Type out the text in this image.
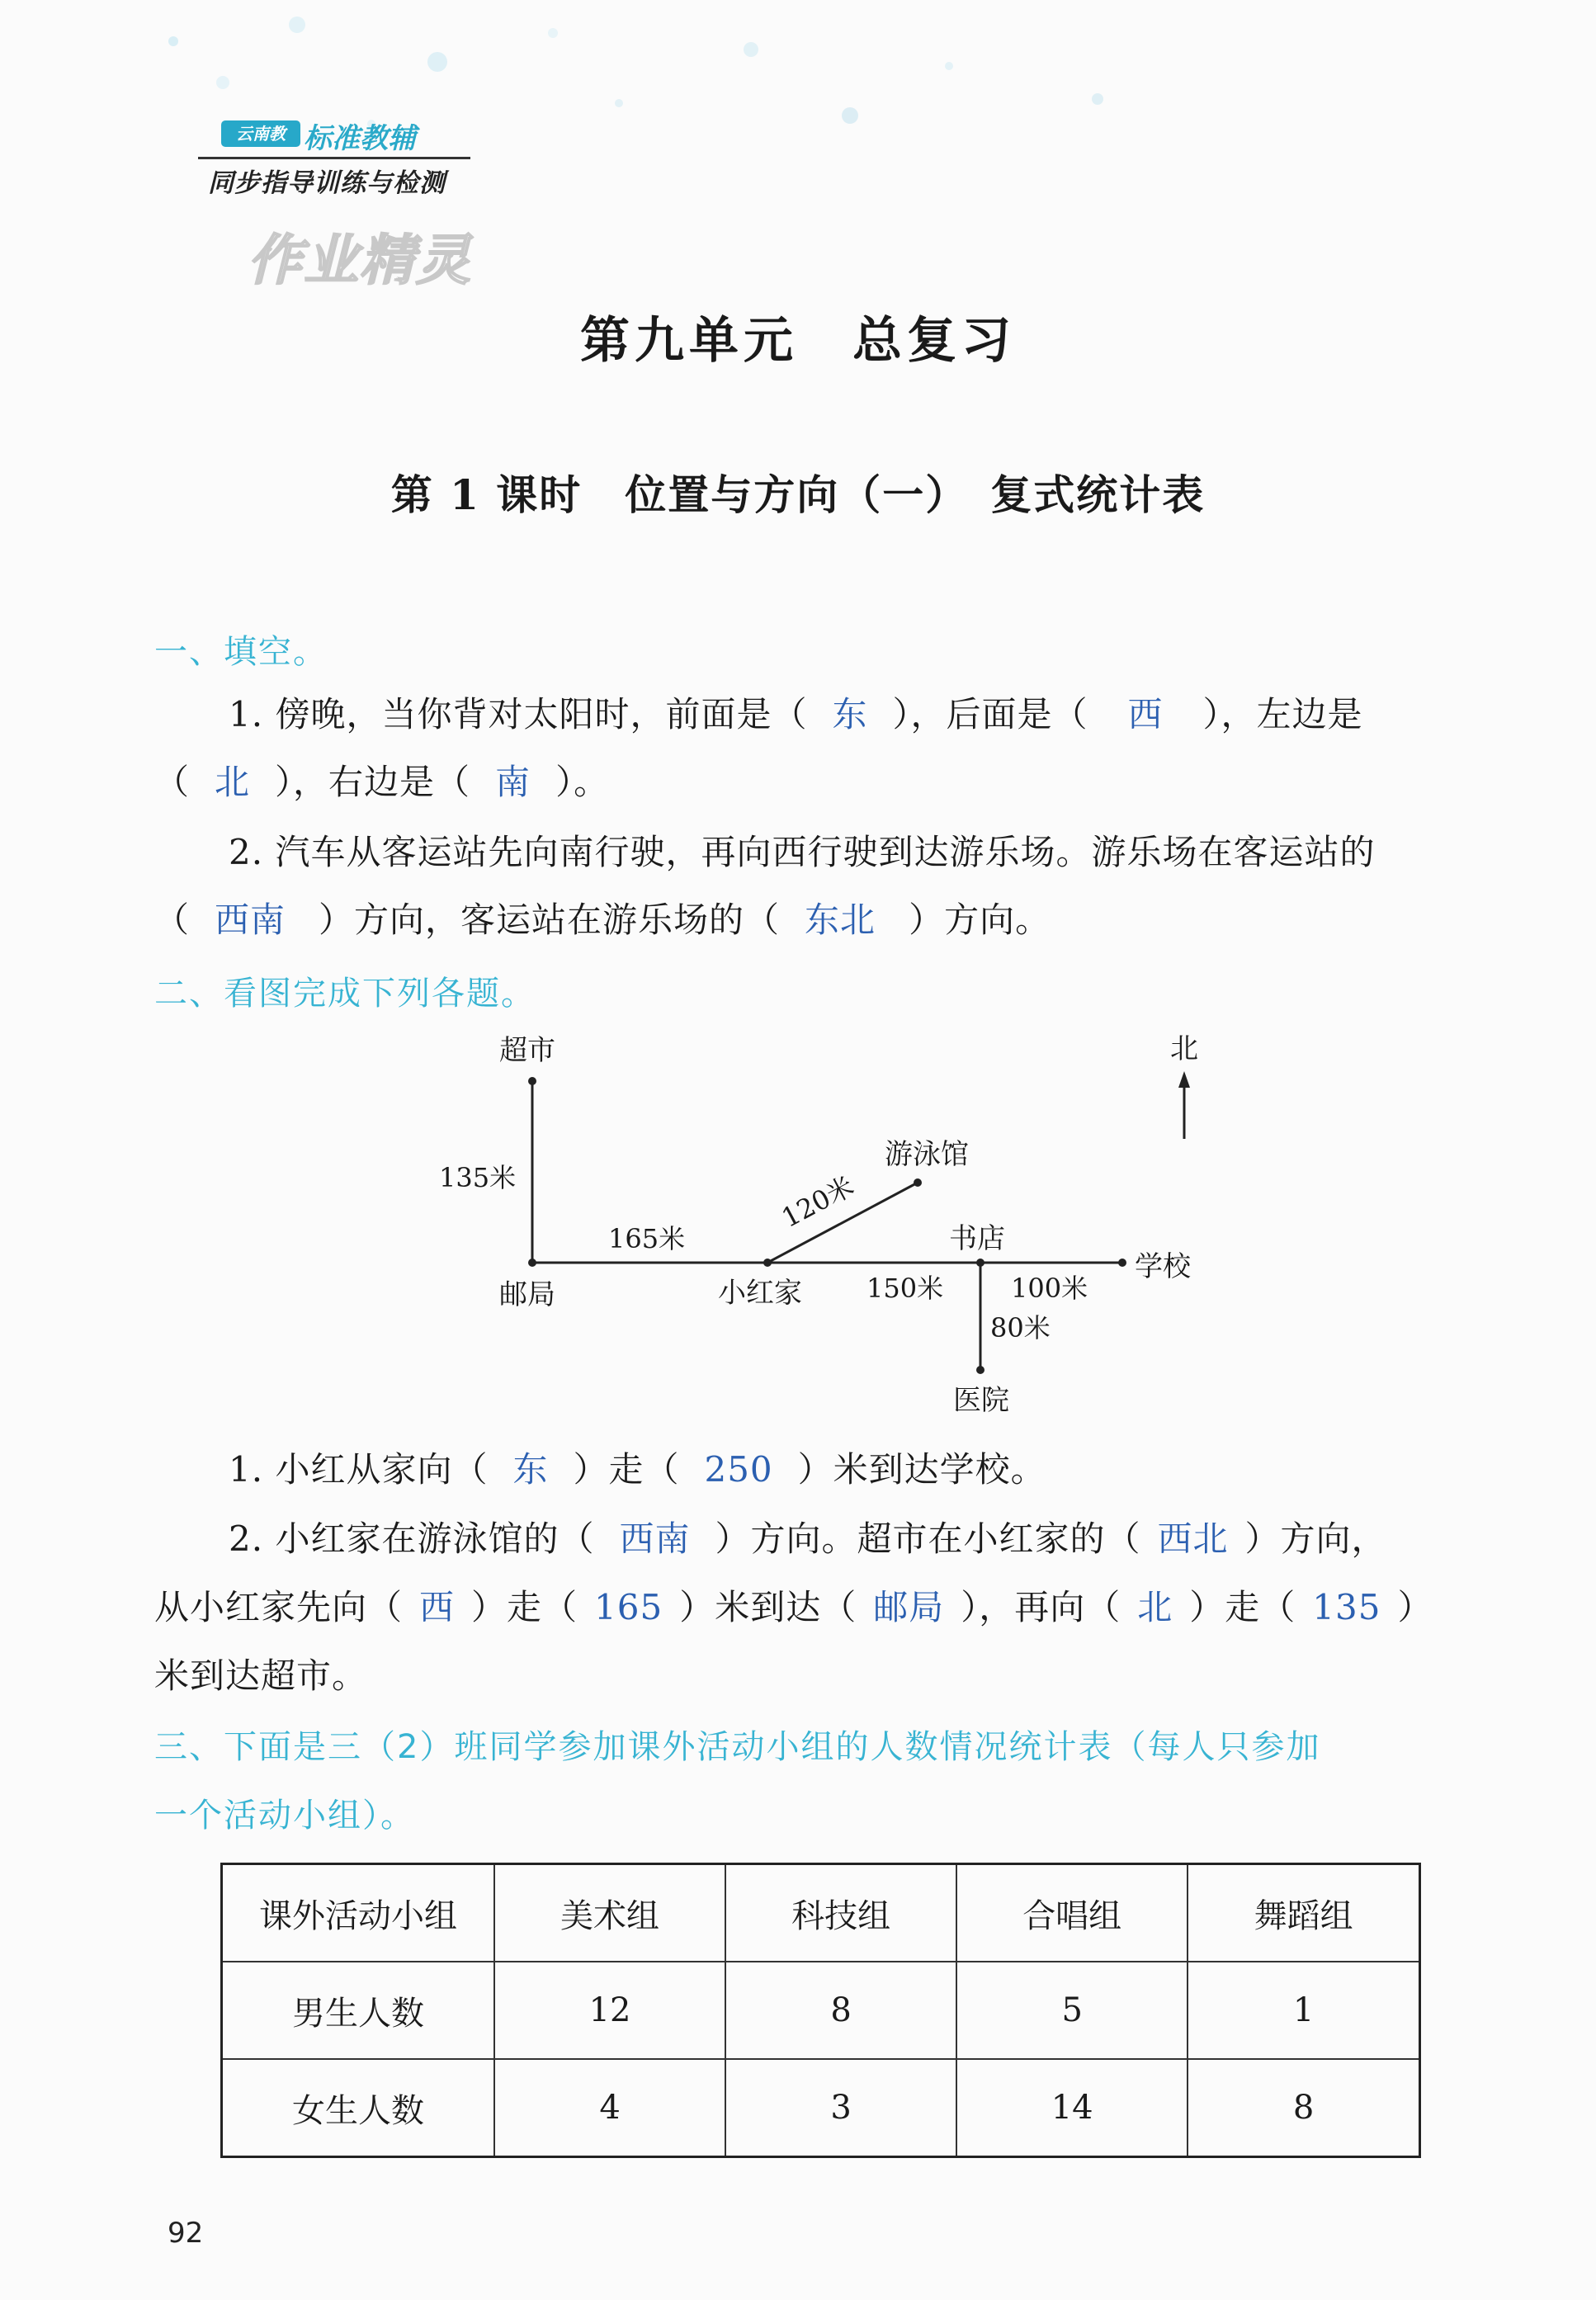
云南教 标准教辅
同步指导训练与检测
作业精灵
第九单元　总复习
第 1 课时　位置与方向（一）　复式统计表
一、填空。
1. 傍晚，当你背对太阳时，前面是（ 东 ），后面是（ 西 ），左边是
（ 北 ），右边是（ 南 ）。
2. 汽车从客运站先向南行驶，再向西行驶到达游乐场。游乐场在客运站的
（ 西南 ）方向，客运站在游乐场的（ 东北 ）方向。
二、看图完成下列各题。
超市	北
游泳馆
邮局	小红家
书店
学校
医院
135米
165米
120米
150米	100米
80米
1. 小红从家向（ 东 ）走（ 250 ）米到达学校。
2. 小红家在游泳馆的（ 西南 ）方向。超市在小红家的（ 西北 ）方向，
从小红家先向（ 西 ）走（ 165 ）米到达（ 邮局 ），再向（ 北 ）走（ 135 ）
米到达超市。
三、下面是三（2）班同学参加课外活动小组的人数情况统计表（每人只参加
一个活动小组）。
课外活动小组	美术组	科技组	合唱组	舞蹈组
男生人数	12	8	5	1
女生人数	4	3	14	8
92
